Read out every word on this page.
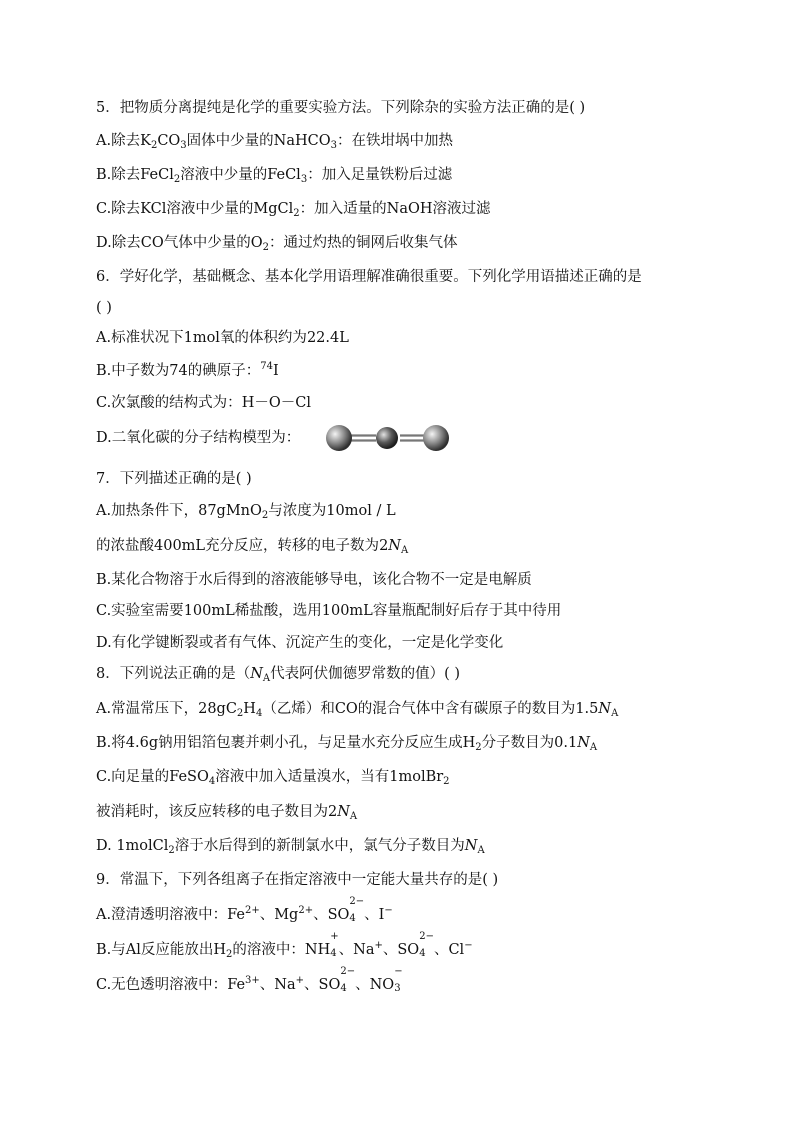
5．把物质分离提纯是化学的重要实验方法。下列除杂的实验方法正确的是( )
A.除去$K_2CO_3$固体中少量的NaHCO$_3$：在铁坩埚中加热
B.除去FeCl$_2$溶液中少量的FeCl$_3$：加入足量铁粉后过滤
C.除去KCl溶液中少量的MgCl$_2$：加入适量的NaOH溶液过滤
D.除去CO气体中少量的$O_2$：通过灼热的铜网后收集气体
6．学好化学，基础概念、基本化学用语理解准确很重要。下列化学用语描述正确的是
( )
A.标准状况下1mol氧的体积约为22.4L
B.中子数为74的碘原子：$^{74}$I
C.次氯酸的结构式为：H－O－Cl
D.二氧化碳的分子结构模型为：
7．下列描述正确的是( )
A.加热条件下，87gMnO$_2$与浓度为10mol / L
的浓盐酸400mL充分反应，转移的电子数为$2N_A$
B.某化合物溶于水后得到的溶液能够导电，该化合物不一定是电解质
C.实验室需要100mL稀盐酸，选用100mL容量瓶配制好后存于其中待用
D.有化学键断裂或者有气体、沉淀产生的变化，一定是化学变化
8．下列说法正确的是（$N_A$代表阿伏伽德罗常数的值）( )
A.常温常压下，$28gC_2H_4$（乙烯）和CO的混合气体中含有碳原子的数目为$1.5N_A$
B.将4.6g钠用铝箔包裹并刺小孔，与足量水充分反应生成$H_2$分子数目为$0.1N_A$
C.向足量的FeSO$_4$溶液中加入适量溴水，当有1molBr$_2$
被消耗时，该反应转移的电子数目为$2N_A$
D. 1molCl$_2$溶于水后得到的新制氯水中，氯气分子数目为$N_A$
9．常温下，下列各组离子在指定溶液中一定能大量共存的是( )
A.澄清透明溶液中：$Fe^{2+}$、$Mg^{2+}$、SO
2−
4 、I−
B.与Al反应能放出$H_2$的溶液中：NH
+
4 、Na+、SO
2−
4 、Cl−
C.无色透明溶液中：$Fe^{3+}$、Na+、SO
2−
4 、NO
−
3
